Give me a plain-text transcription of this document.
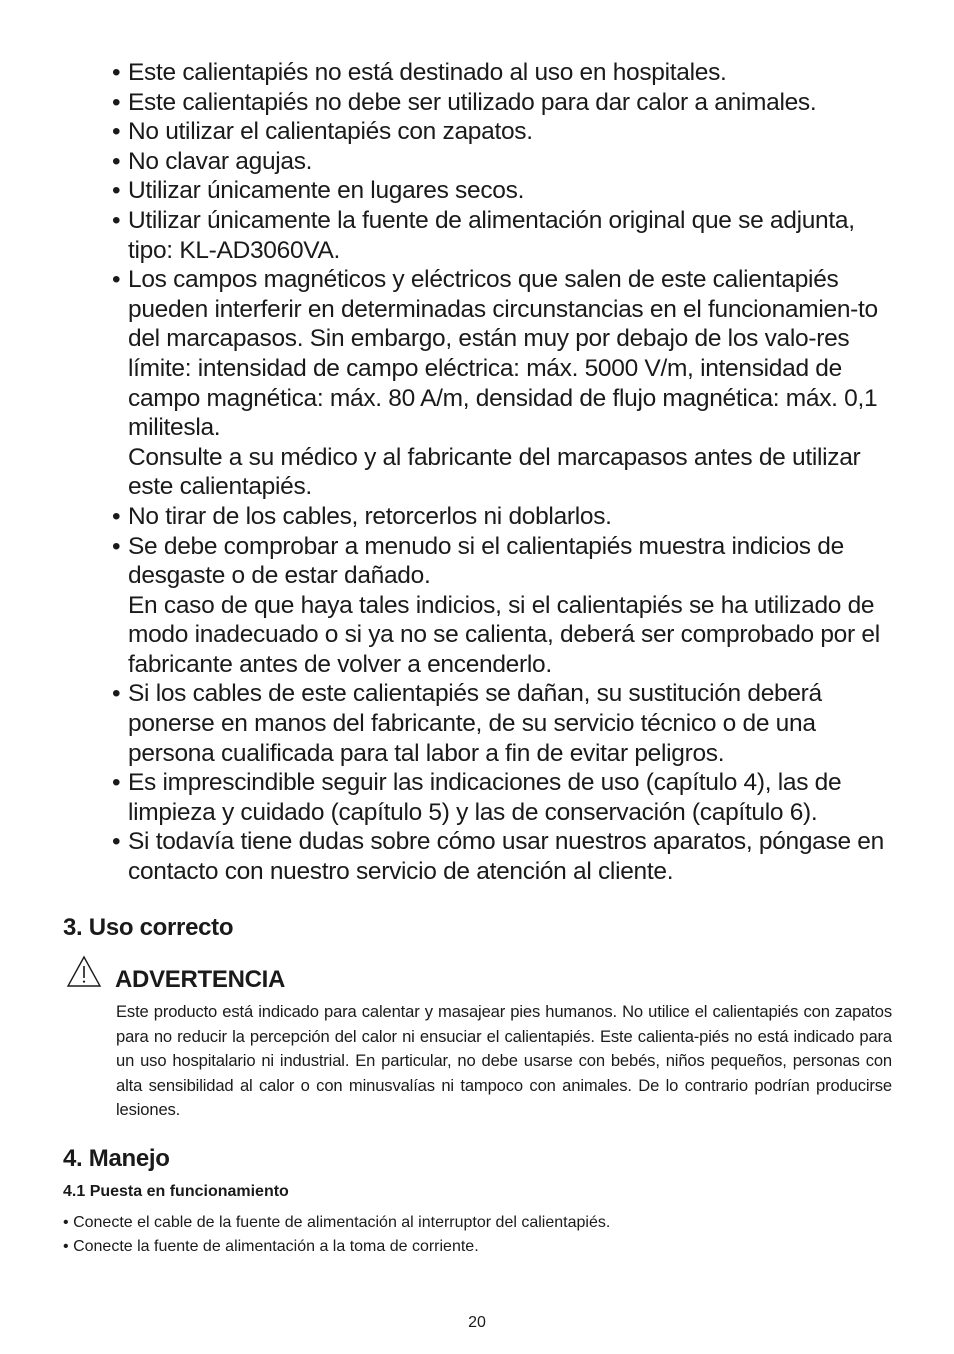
• Este calientapiés no está destinado al uso en hospitales.
• Este calientapiés no debe ser utilizado para dar calor a animales.
• No utilizar el calientapiés con zapatos.
• No clavar agujas.
• Utilizar únicamente en lugares secos.
• Utilizar únicamente la fuente de alimentación original que se adjunta, tipo: KL-AD3060VA.
• Los campos magnéticos y eléctricos que salen de este calientapiés pueden interferir en determinadas circunstancias en el funcionamien-to del marcapasos. Sin embargo, están muy por debajo de los valo-res límite: intensidad de campo eléctrica: máx. 5000 V/m, intensidad de campo magnética: máx. 80 A/m, densidad de flujo magnética: máx. 0,1 militesla.
Consulte a su médico y al fabricante del marcapasos antes de utilizar este calientapiés.
• No tirar de los cables, retorcerlos ni doblarlos.
• Se debe comprobar a menudo si el calientapiés muestra indicios de desgaste o de estar dañado.
En caso de que haya tales indicios, si el calientapiés se ha utilizado de modo inadecuado o si ya no se calienta, deberá ser comprobado por el fabricante antes de volver a encenderlo.
• Si los cables de este calientapiés se dañan, su sustitución deberá ponerse en manos del fabricante, de su servicio técnico o de una persona cualificada para tal labor a fin de evitar peligros.
• Es imprescindible seguir las indicaciones de uso (capítulo 4), las de limpieza y cuidado (capítulo 5) y las de conservación (capítulo 6).
• Si todavía tiene dudas sobre cómo usar nuestros aparatos, póngase en contacto con nuestro servicio de atención al cliente.
3. Uso correcto
ADVERTENCIA

Este producto está indicado para calentar y masajear pies humanos. No utilice el calientapiés con zapatos para no reducir la percepción del calor ni ensuciar el calientapiés. Este calienta-piés no está indicado para un uso hospitalario ni industrial. En particular, no debe usarse con bebés, niños pequeños, personas con alta sensibilidad al calor o con minusvalías ni tampoco con animales. De lo contrario podrían producirse lesiones.

4. Manejo
4.1 Puesta en funcionamiento
• Conecte el cable de la fuente de alimentación al interruptor del calientapiés.
• Conecte la fuente de alimentación a la toma de corriente.
20
